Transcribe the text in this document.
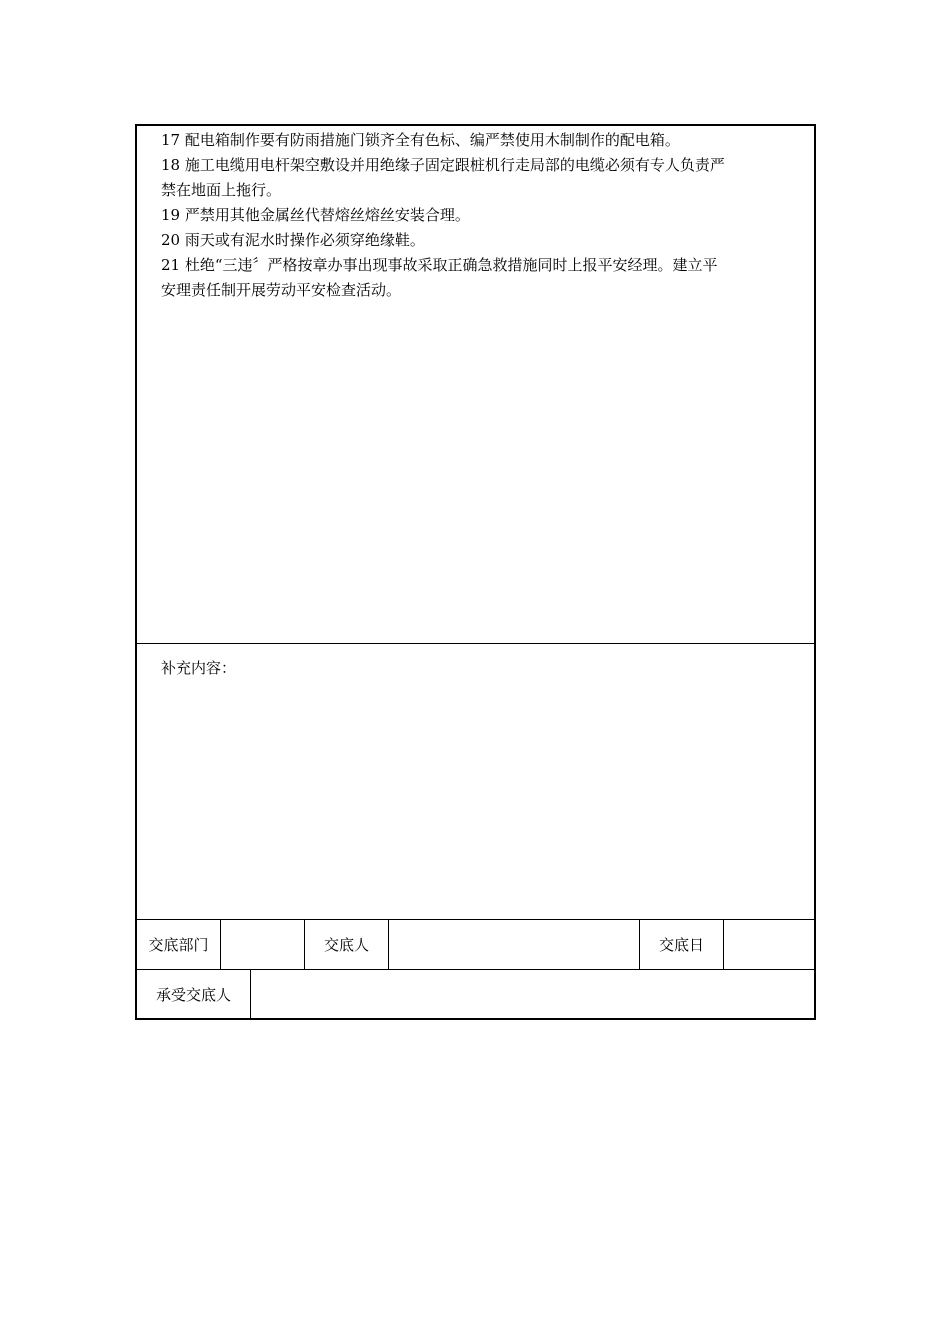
17 配电箱制作要有防雨措施门锁齐全有色标、编严禁使用木制制作的配电箱。
18 施工电缆用电杆架空敷设并用绝缘子固定跟桩机行走局部的电缆必须有专人负责严
禁在地面上拖行。
19 严禁用其他金属丝代替熔丝熔丝安装合理。
20 雨天或有泥水时操作必须穿绝缘鞋。
21 杜绝“三违〞严格按章办事出现事故采取正确急救措施同时上报平安经理。建立平
安理责任制开展劳动平安检查活动。
补充内容：
交底部门	交底人	交底日
承受交底人
